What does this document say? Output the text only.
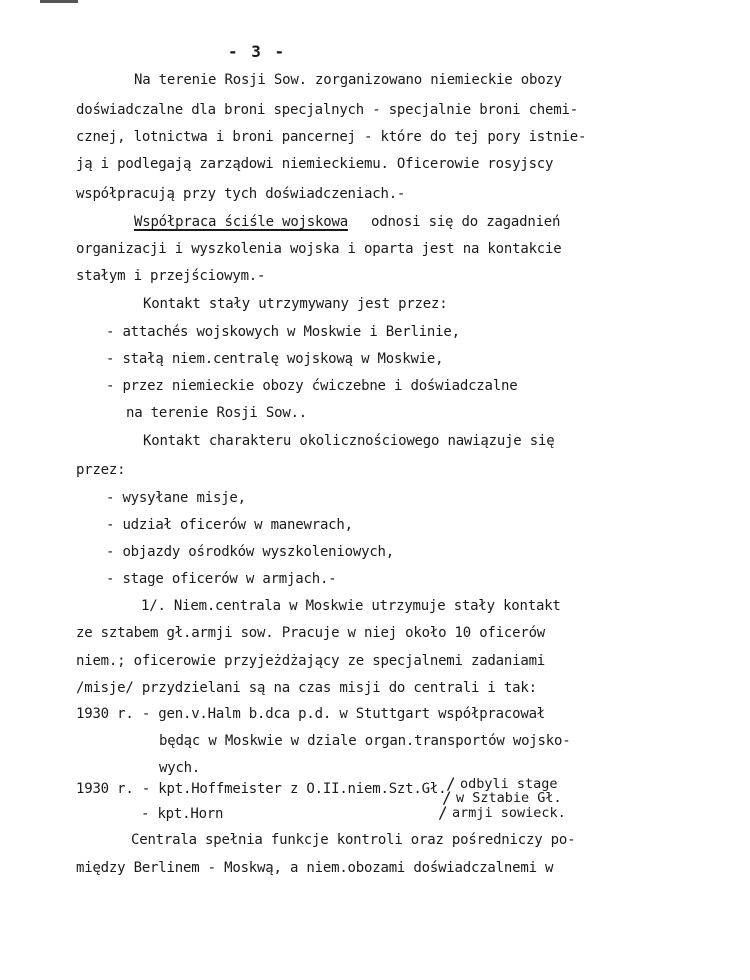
- 3 -
Na terenie Rosji Sow. zorganizowano niemieckie obozy
doświadczalne dla broni specjalnych - specjalnie broni chemi-
cznej, lotnictwa i broni pancernej - które do tej pory istnie-
ją i podlegają zarządowi niemieckiemu. Oficerowie rosyjscy
współpracują przy tych doświadczeniach.-
Współpraca ściśle wojskowa odnosi się do zagadnień
organizacji i wyszkolenia wojska i oparta jest na kontakcie
stałym i przejściowym.-
Kontakt stały utrzymywany jest przez:
- attachés wojskowych w Moskwie i Berlinie,
- stałą niem.centralę wojskową w Moskwie,
- przez niemieckie obozy ćwiczebne i doświadczalne
na terenie Rosji Sow..
Kontakt charakteru okolicznościowego nawiązuje się
przez:
- wysyłane misje,
- udział oficerów w manewrach,
- objazdy ośrodków wyszkoleniowych,
- stage oficerów w armjach.-
1/. Niem.centrala w Moskwie utrzymuje stały kontakt
ze sztabem gł.armji sow. Pracuje w niej około 10 oficerów
niem.; oficerowie przyjeżdżający ze specjalnemi zadaniami
/misje/ przydzielani są na czas misji do centrali i tak:
1930 r. - gen.v.Halm b.dca p.d. w Stuttgart współpracował
będąc w Moskwie w dziale organ.transportów wojsko-
wych.
1930 r. - kpt.Hoffmeister z O.II.niem.Szt.Gł.
- kpt.Horn
/
/
/
odbyli stage
w Sztabie Gł.
armji sowieck.
Centrala spełnia funkcje kontroli oraz pośredniczy po-
między Berlinem - Moskwą, a niem.obozami doświadczalnemi w
